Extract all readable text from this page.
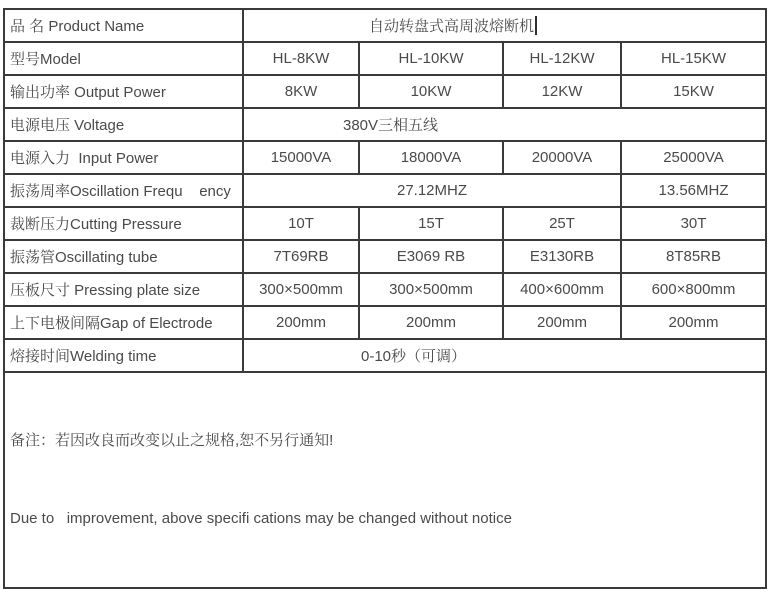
品 名 Product Name	自动转盘式高周波熔断机			
型号Model	HL-8KW	HL-10KW	HL-12KW	HL-15KW
输出功率 Output Power	8KW	10KW	12KW	15KW
电源电压 Voltage	380V三相五线			
电源入力  Input Power	15000VA	18000VA	20000VA	25000VA
振荡周率Oscillation Frequ    ency	27.12MHZ			13.56MHZ
裁断压力Cutting Pressure	10T	15T	25T	30T
振荡管Oscillating tube	7T69RB	E3069 RB	E3130RB	8T85RB
压板尺寸 Pressing plate size	300×500mm	300×500mm	400×600mm	600×800mm
上下电极间隔Gap of Electrode	200mm	200mm	200mm	200mm
熔接时间Welding time	0-10秒（可调）			

备注：若因改良而改变以止之规格,恕不另行通知!

Due to   improvement, above specifi cations may be changed without notice				
